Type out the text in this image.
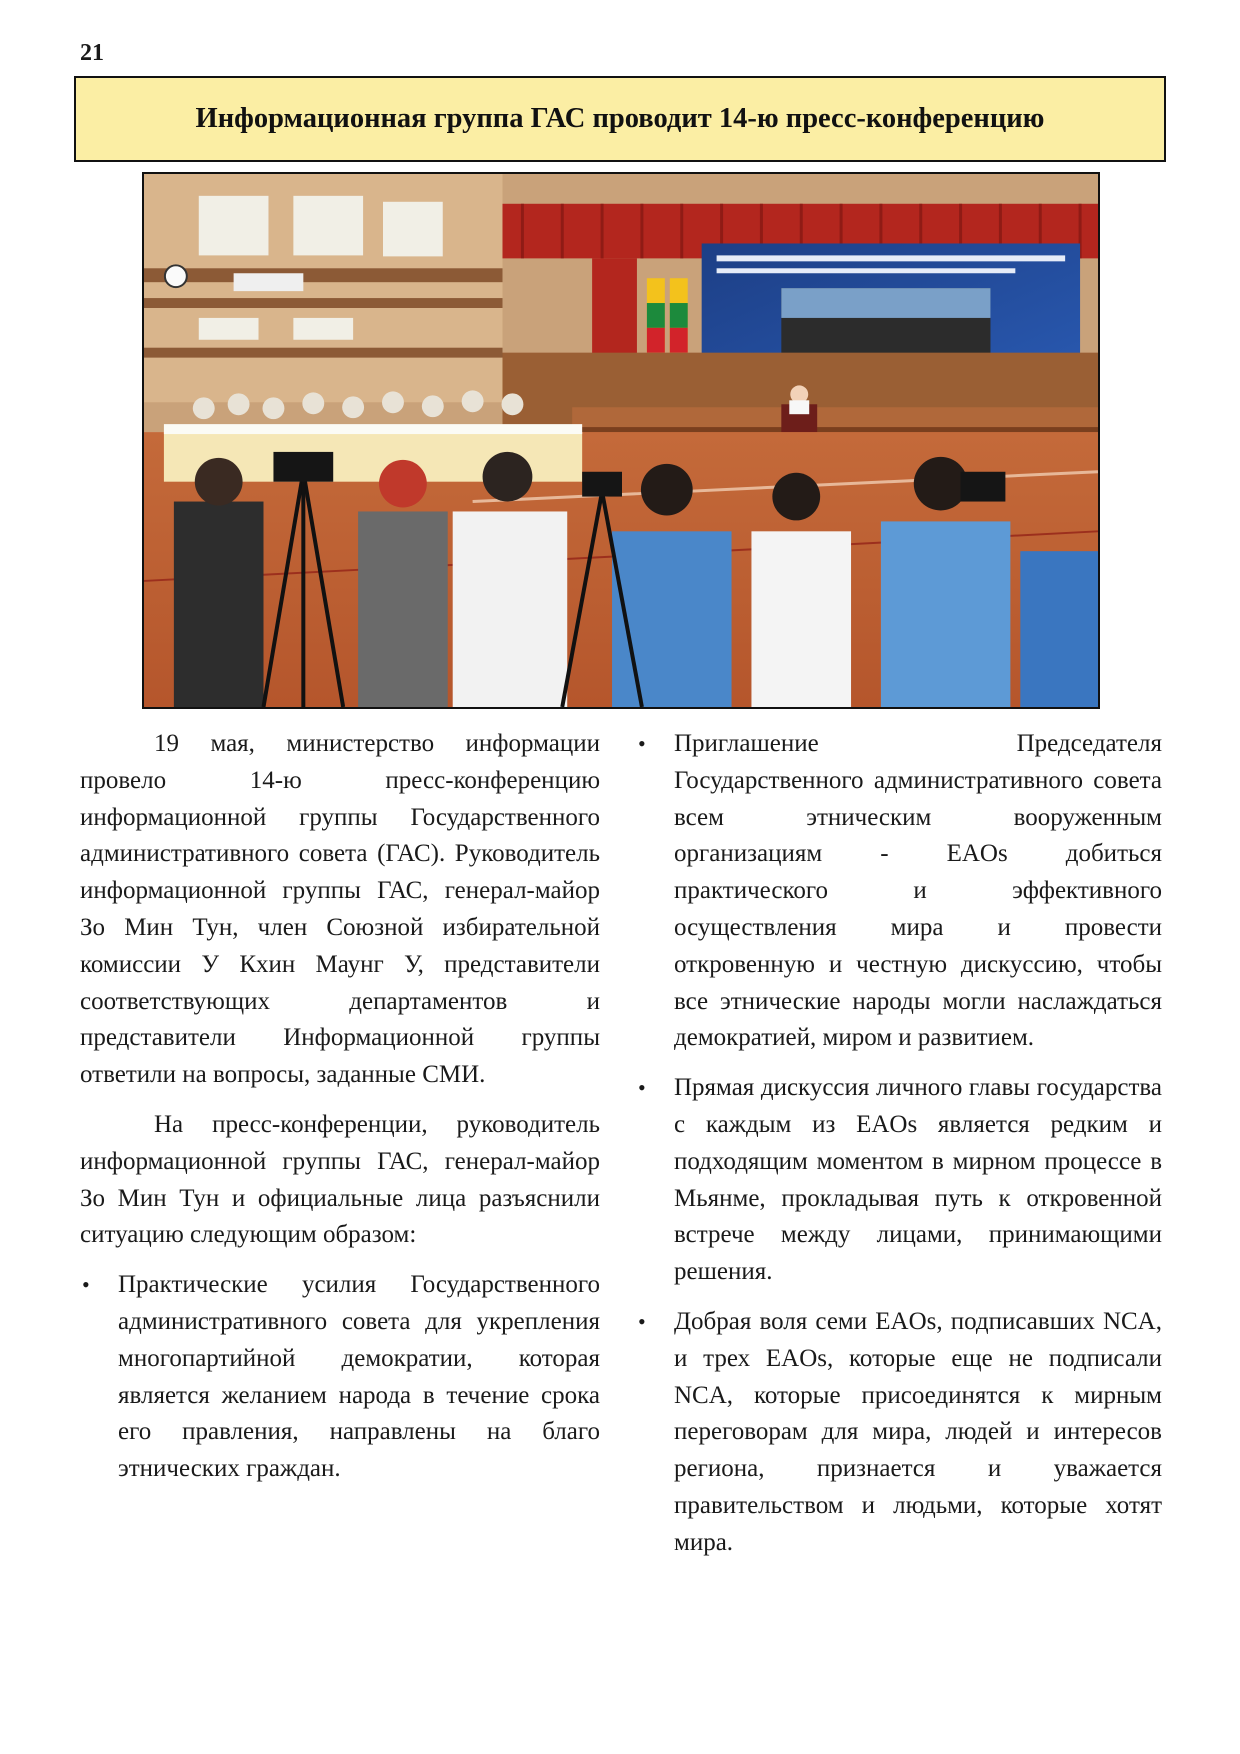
21
Информационная группа ГАС проводит 14-ю пресс-конференцию

19 мая, министерство информации провело 14-ю пресс-конференцию информационной группы Государственного административного совета (ГАС). Руководитель информационной группы ГАС, генерал-майор Зо Мин Тун, член Союзной избирательной комиссии У Кхин Маунг У, представители соответствующих департаментов и представители Информационной группы ответили на вопросы, заданные СМИ.

На пресс-конференции, руководитель информационной группы ГАС, генерал-майор Зо Мин Тун и официальные лица разъяснили ситуацию следующим образом:

• Практические усилия Государственного административного совета для укрепления многопартийной демократии, которая является желанием народа в течение срока его правления, направлены на благо этнических граждан.
• Приглашение Председателя Государственного административного совета всем этническим вооруженным организациям - EAOs добиться практического и эффективного осуществления мира и провести откровенную и честную дискуссию, чтобы все этнические народы могли наслаждаться демократией, миром и развитием.
• Прямая дискуссия личного главы государства с каждым из EAOs является редким и подходящим моментом в мирном процессе в Мьянме, прокладывая путь к откровенной встрече между лицами, принимающими решения.
• Добрая воля семи EAOs, подписавших NCA, и трех EAOs, которые еще не подписали NCA, которые присоединятся к мирным переговорам для мира, людей и интересов региона, признается и уважается правительством и людьми, которые хотят мира.
